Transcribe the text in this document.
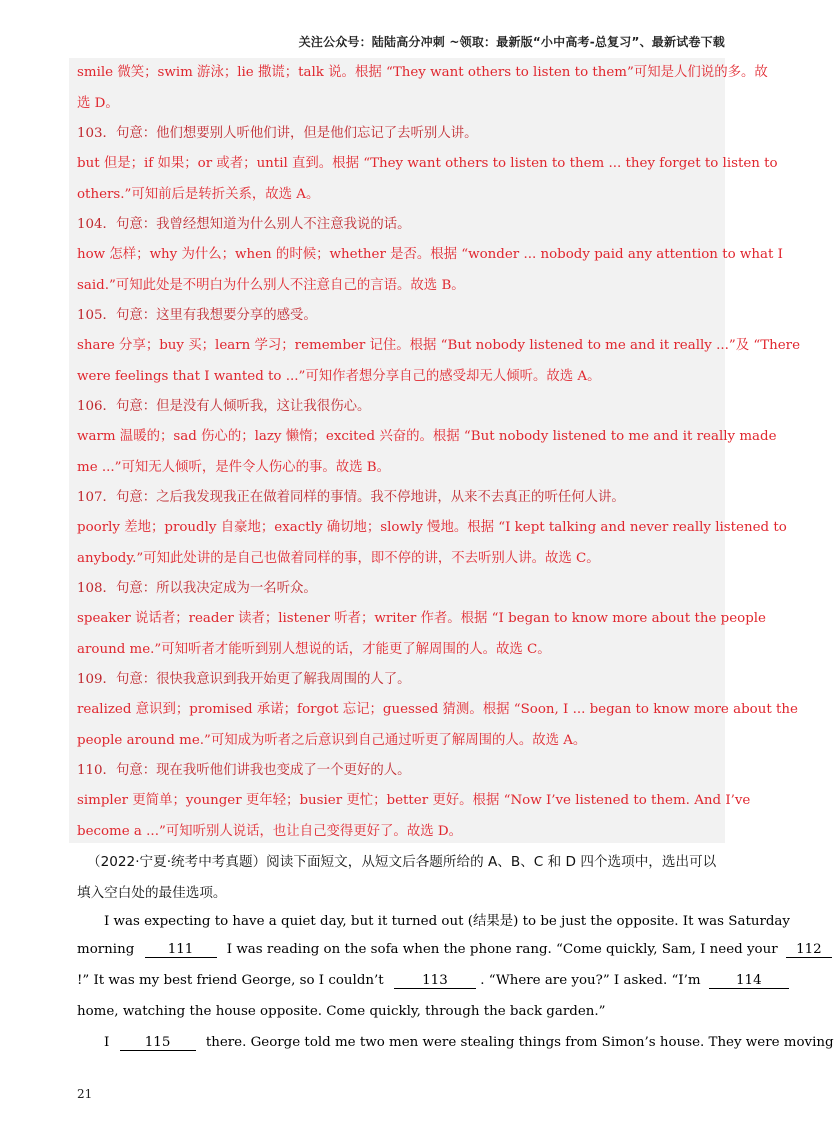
关注公众号：陆陆高分冲刺 ~领取：最新版“小中高考-总复习”、最新试卷下载
smile 微笑；swim 游泳；lie 撒谎；talk 说。根据 “They want others to listen to them”可知是人们说的多。故
选 D。
103．句意：他们想要别人听他们讲，但是他们忘记了去听别人讲。
but 但是；if 如果；or 或者；until 直到。根据 “They want others to listen to them ... they forget to listen to
others.”可知前后是转折关系，故选 A。
104．句意：我曾经想知道为什么别人不注意我说的话。
how 怎样；why 为什么；when 的时候；whether 是否。根据 “wonder ... nobody paid any attention to what I
said.”可知此处是不明白为什么别人不注意自己的言语。故选 B。
105．句意：这里有我想要分享的感受。
share 分享；buy 买；learn 学习；remember 记住。根据 “But nobody listened to me and it really ...”及 “There
were feelings that I wanted to ...”可知作者想分享自己的感受却无人倾听。故选 A。
106．句意：但是没有人倾听我，这让我很伤心。
warm 温暖的；sad 伤心的；lazy 懒惰；excited 兴奋的。根据 “But nobody listened to me and it really made
me ...”可知无人倾听，是件令人伤心的事。故选 B。
107．句意：之后我发现我正在做着同样的事情。我不停地讲，从来不去真正的听任何人讲。
poorly 差地；proudly 自豪地；exactly 确切地；slowly 慢地。根据 “I kept talking and never really listened to
anybody.”可知此处讲的是自己也做着同样的事，即不停的讲，不去听别人讲。故选 C。
108．句意：所以我决定成为一名听众。
speaker 说话者；reader 读者；listener 听者；writer 作者。根据 “I began to know more about the people
around me.”可知听者才能听到别人想说的话，才能更了解周围的人。故选 C。
109．句意：很快我意识到我开始更了解我周围的人了。
realized 意识到；promised 承诺；forgot 忘记；guessed 猜测。根据 “Soon, I ... began to know more about the
people around me.”可知成为听者之后意识到自己通过听更了解周围的人。故选 A。
110．句意：现在我听他们讲我也变成了一个更好的人。
simpler 更简单；younger 更年轻；busier 更忙；better 更好。根据 “Now I’ve listened to them. And I’ve
become a ...”可知听别人说话，也让自己变得更好了。故选 D。
（2022·宁夏·统考中考真题）阅读下面短文，从短文后各题所给的 A、B、C 和 D 四个选项中，选出可以
填入空白处的最佳选项。
I was expecting to have a quiet day, but it turned out (结果是) to be just the opposite. It was Saturday
morning 111 I was reading on the sofa when the phone rang. “Come quickly, Sam, I need your 112
!” It was my best friend George, so I couldn’t	113 . “Where are you?” I asked. “I’m	114
home, watching the house opposite. Come quickly, through the back garden.”
I	115	there. George told me two men were stealing things from Simon’s house. They were moving
21
